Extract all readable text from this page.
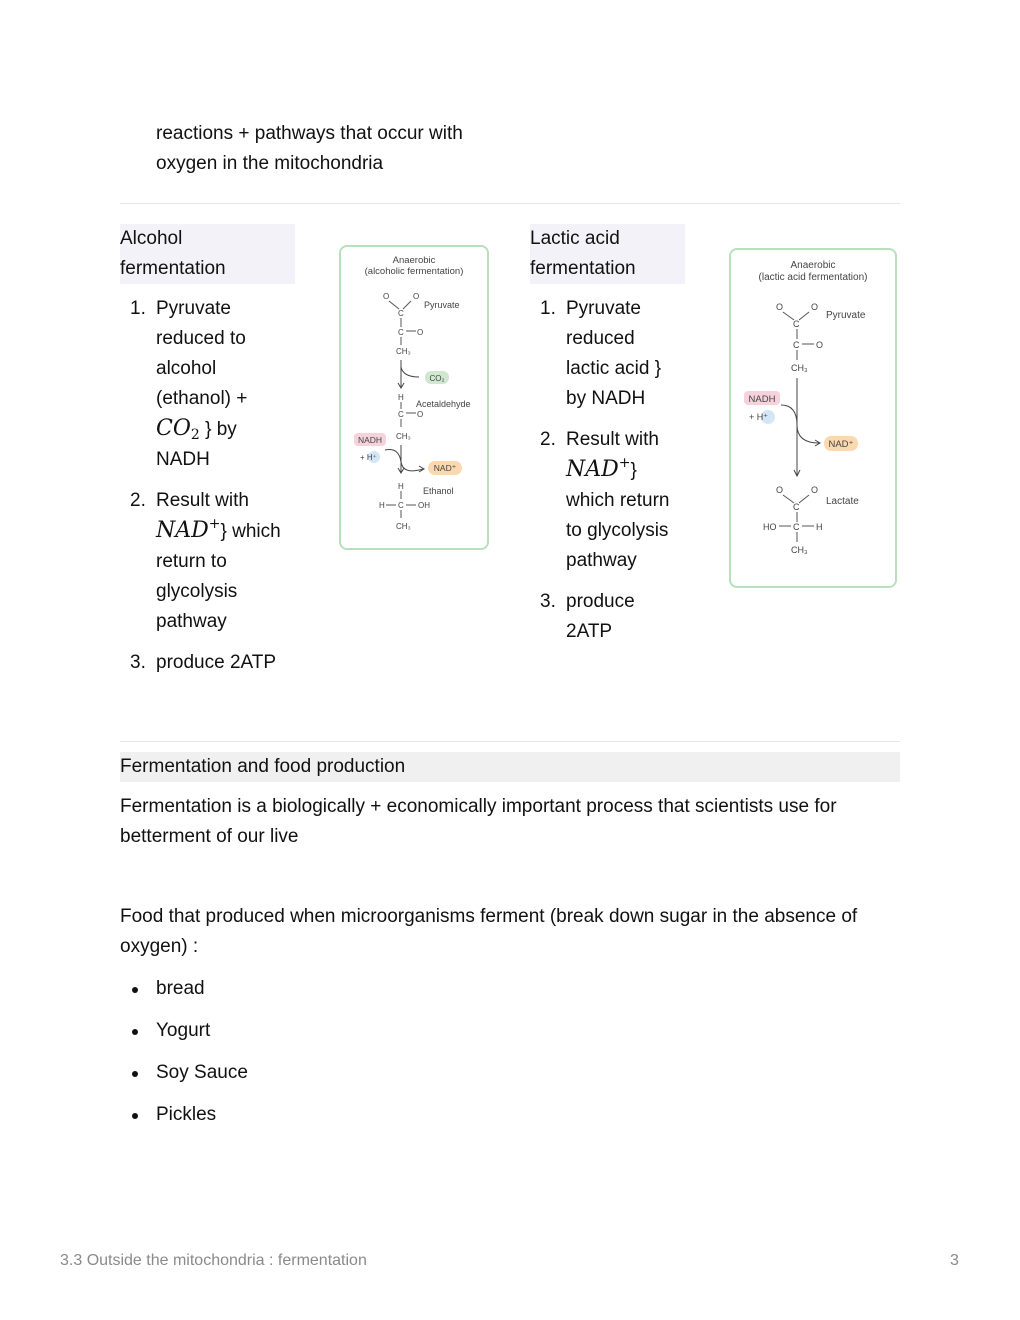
reactions + pathways that occur with
oxygen in the mitochondria
Alcohol
fermentation
1. Pyruvate
reduced to
alcohol
(ethanol) +
$CO_2$ } by
NADH
2. Result with
NAD+} which
return to
glycolysis
pathway
3. produce 2ATP
Anaerobic
(alcoholic fermentation)
O	O
C
Pyruvate
C O
CH₃
CO₂
H
C O
Acetaldehyde
CH₃
NADH
+ H⁺
NAD⁺
H Ethanol
H C OH
CH₃
Lactic acid
fermentation
1. Pyruvate
reduced
lactic acid }
by NADH
2. Result with
NAD+}
which return
to glycolysis
pathway
3. produce
2ATP
Anaerobic
(lactic acid fermentation)
O	O
C
Pyruvate
C O
CH₃
NADH
+ H⁺
NAD⁺
O	O
C	Lactate
HO C H
CH₃
Fermentation and food production
Fermentation is a biologically + economically important process that scientists use for
betterment of our live
Food that produced when microorganisms ferment (break down sugar in the absence of
oxygen) :
bread
Yogurt
Soy Sauce
Pickles
3.3 Outside the mitochondria : fermentation	3
